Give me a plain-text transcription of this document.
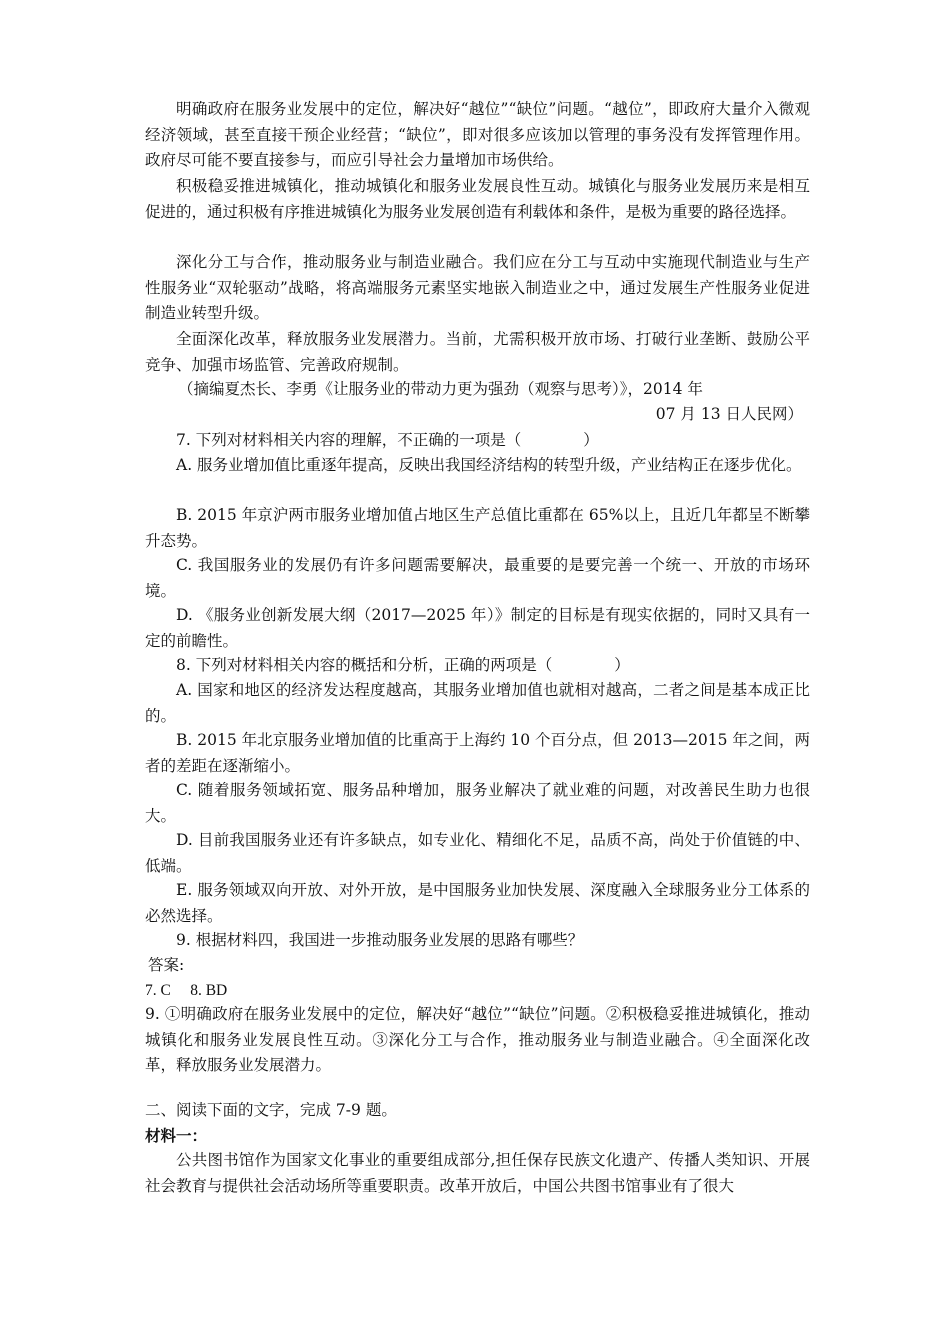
明确政府在服务业发展中的定位，解决好“越位”“缺位”问题。“越位”，即政府大量介入微观经济领域，甚至直接干预企业经营；“缺位”，即对很多应该加以管理的事务没有发挥管理作用。政府尽可能不要直接参与，而应引导社会力量增加市场供给。
积极稳妥推进城镇化，推动城镇化和服务业发展良性互动。城镇化与服务业发展历来是相互促进的，通过积极有序推进城镇化为服务业发展创造有利载体和条件，是极为重要的路径选择。
深化分工与合作，推动服务业与制造业融合。我们应在分工与互动中实施现代制造业与生产性服务业“双轮驱动”战略，将高端服务元素坚实地嵌入制造业之中，通过发展生产性服务业促进制造业转型升级。
全面深化改革，释放服务业发展潜力。当前，尤需积极开放市场、打破行业垄断、鼓励公平竞争、加强市场监管、完善政府规制。
（摘编夏杰长、李勇《让服务业的带动力更为强劲（观察与思考）》，2014 年
07 月 13 日人民网）
7. 下列对材料相关内容的理解，不正确的一项是（　　　　）
A. 服务业增加值比重逐年提高，反映出我国经济结构的转型升级，产业结构正在逐步优化。
B. 2015 年京沪两市服务业增加值占地区生产总值比重都在 65%以上，且近几年都呈不断攀升态势。
C. 我国服务业的发展仍有许多问题需要解决，最重要的是要完善一个统一、开放的市场环境。
D. 《服务业创新发展大纲（2017—2025 年）》制定的目标是有现实依据的，同时又具有一定的前瞻性。
8. 下列对材料相关内容的概括和分析，正确的两项是（　　　　）
A. 国家和地区的经济发达程度越高，其服务业增加值也就相对越高，二者之间是基本成正比的。
B. 2015 年北京服务业增加值的比重高于上海约 10 个百分点，但 2013—2015 年之间，两者的差距在逐渐缩小。
C. 随着服务领域拓宽、服务品种增加，服务业解决了就业难的问题，对改善民生助力也很大。
D. 目前我国服务业还有许多缺点，如专业化、精细化不足，品质不高，尚处于价值链的中、低端。
E. 服务领域双向开放、对外开放，是中国服务业加快发展、深度融入全球服务业分工体系的必然选择。
9. 根据材料四，我国进一步推动服务业发展的思路有哪些？
答案:
7. C     8. BD
9. ①明确政府在服务业发展中的定位，解决好“越位”“缺位”问题。②积极稳妥推进城镇化，推动城镇化和服务业发展良性互动。③深化分工与合作，推动服务业与制造业融合。④全面深化改革，释放服务业发展潜力。
二、阅读下面的文字，完成 7-9 题。
材料一：
公共图书馆作为国家文化事业的重要组成部分,担任保存民族文化遗产、传播人类知识、开展社会教育与提供社会活动场所等重要职责。改革开放后，中国公共图书馆事业有了很大
